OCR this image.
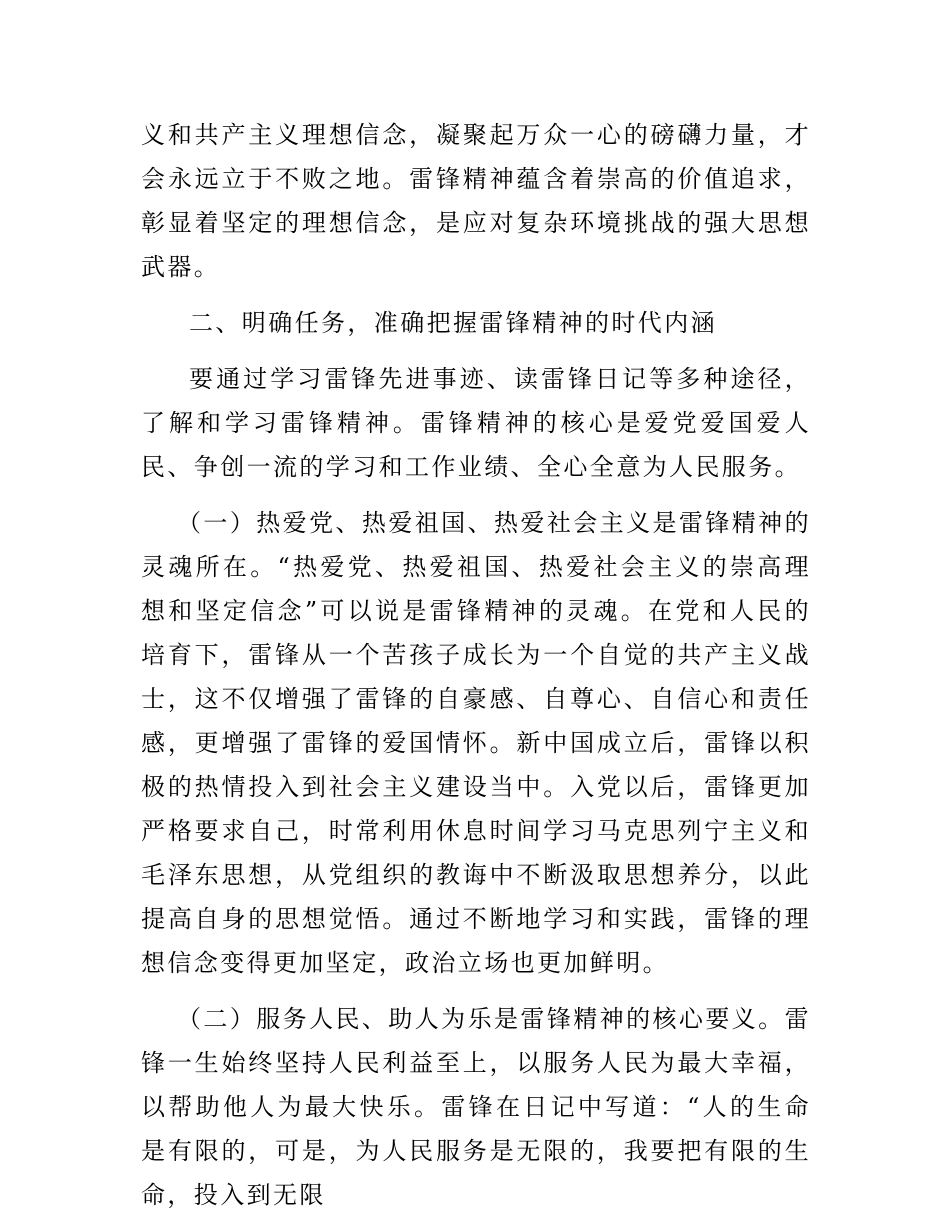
义和共产主义理想信念，凝聚起万众一心的磅礴力量，才会永远立于不败之地。雷锋精神蕴含着崇高的价值追求，彰显着坚定的理想信念，是应对复杂环境挑战的强大思想武器。

二、明确任务，准确把握雷锋精神的时代内涵

要通过学习雷锋先进事迹、读雷锋日记等多种途径，了解和学习雷锋精神。雷锋精神的核心是爱党爱国爱人民、争创一流的学习和工作业绩、全心全意为人民服务。

（一）热爱党、热爱祖国、热爱社会主义是雷锋精神的灵魂所在。“热爱党、热爱祖国、热爱社会主义的崇高理想和坚定信念”可以说是雷锋精神的灵魂。在党和人民的培育下，雷锋从一个苦孩子成长为一个自觉的共产主义战士，这不仅增强了雷锋的自豪感、自尊心、自信心和责任感，更增强了雷锋的爱国情怀。新中国成立后，雷锋以积极的热情投入到社会主义建设当中。入党以后，雷锋更加严格要求自己，时常利用休息时间学习马克思列宁主义和毛泽东思想，从党组织的教诲中不断汲取思想养分，以此提高自身的思想觉悟。通过不断地学习和实践，雷锋的理想信念变得更加坚定，政治立场也更加鲜明。

（二）服务人民、助人为乐是雷锋精神的核心要义。雷锋一生始终坚持人民利益至上，以服务人民为最大幸福，以帮助他人为最大快乐。雷锋在日记中写道：“人的生命是有限的，可是，为人民服务是无限的，我要把有限的生命，投入到无限
